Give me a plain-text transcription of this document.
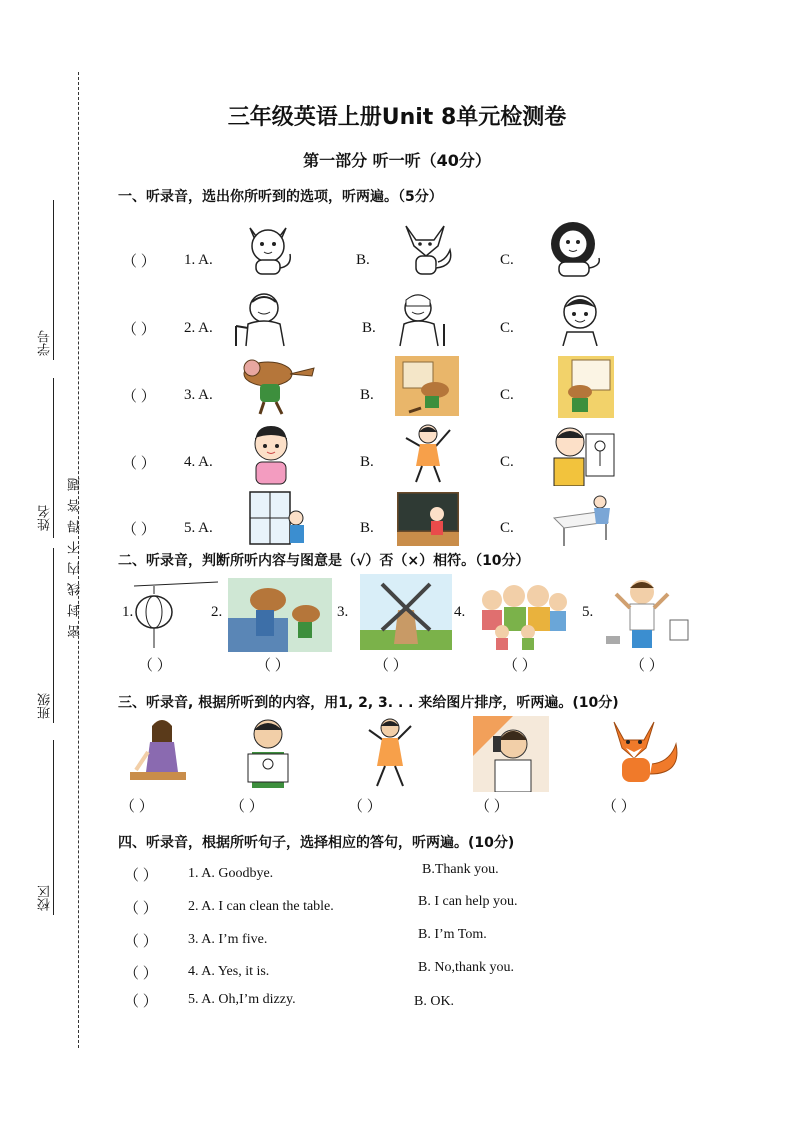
学号
姓名
班级
校区
密封线内不得答题
三年级英语上册Unit 8单元检测卷
第一部分 听一听（40分）
一、听录音，选出你所听到的选项，听两遍。（5分）
（ ） 1. A.	B.	C.
（ ） 2. A.	B.	C.
（ ） 3. A.	B.	C.
（ ） 4. A.	B.	C.
（ ） 5. A.	B.	C.
二、听录音，判断所听内容与图意是（√）否（×）相符。（10分）
1.	2.	3.	4.	5.
（ ）	（ ）	（ ）	（ ）	（ ）
三、听录音, 根据所听到的内容，用1, 2, 3. . . 来给图片排序，听两遍。(10分)
（ ）	（ ）	（ ）	（ ）	（ ）
四、听录音，根据所听句子，选择相应的答句，听两遍。(10分)
（ ） 1. A. Goodbye.	B.Thank you.
（ ） 2. A. I can clean the table.	B. I can help you.
（ ） 3. A. I’m five.	B. I’m Tom.
（ ） 4. A. Yes, it is.	B. No,thank you.
（ ） 5. A. Oh,I’m dizzy.	B. OK.
